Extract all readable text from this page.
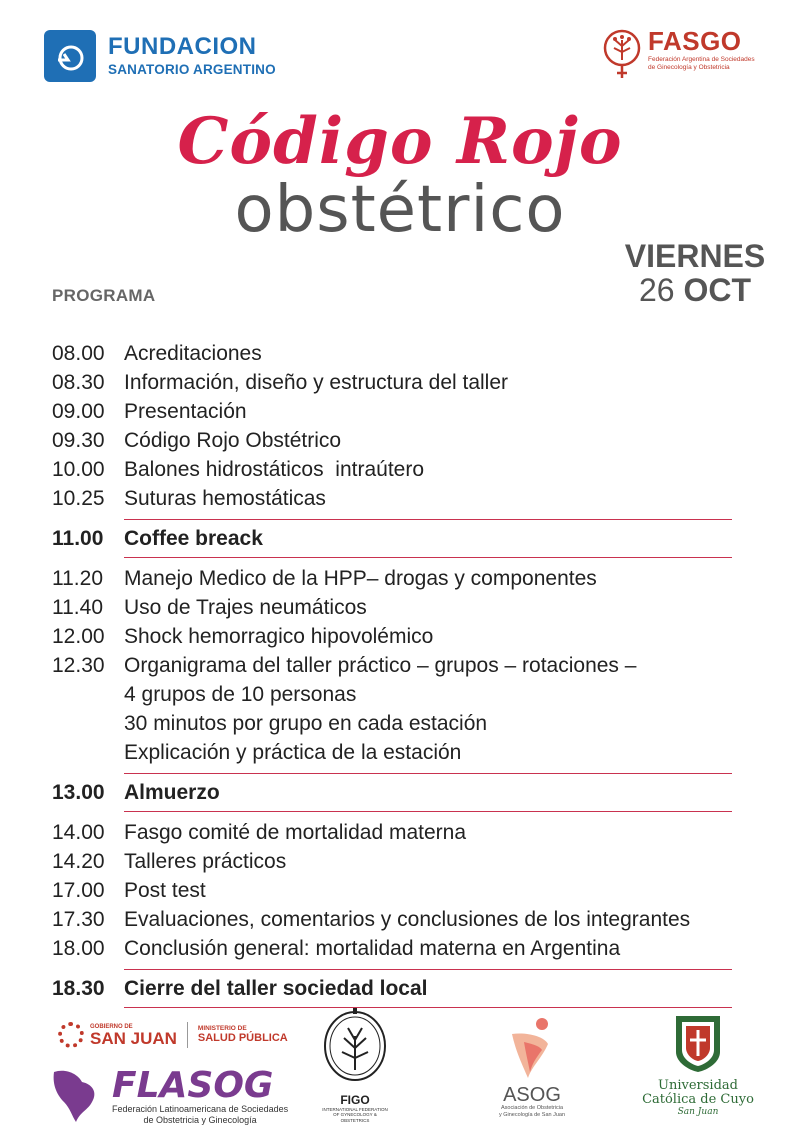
FUNDACION
SANATORIO ARGENTINO
FASGO
Federación Argentina de Sociedades de Ginecología y Obstetricia
Código Rojo
obstétrico
VIERNES
26 OCT
PROGRAMA
08.00 Acreditaciones
08.30 Información, diseño y estructura del taller
09.00 Presentación
09.30 Código Rojo Obstétrico
10.00 Balones hidrostáticos  intraútero
10.25 Suturas hemostáticas
11.00 Coffee breack
11.20	Manejo Medico de la HPP– drogas y componentes
11.40	Uso de Trajes neumáticos
12.00 Shock hemorragico hipovolémico
12.30 Organigrama del taller práctico – grupos – rotaciones –
4 grupos de 10 personas
30 minutos por grupo en cada estación
Explicación y práctica de la estación
13.00 Almuerzo
14.00 Fasgo comité de mortalidad materna
14.20 Talleres prácticos
17.00 Post test
17.30 Evaluaciones, comentarios y conclusiones de los integrantes
18.00 Conclusión general: mortalidad materna en Argentina
18.30 Cierre del taller sociedad local
GOBIERNO DE
SAN JUAN
MINISTERIO DE
SALUD PÚBLICA
FLASOG
Federación Latinoamericana de Sociedades
de Obstetricia y Ginecología
FIGO
INTERNATIONAL FEDERATION OF GYNECOLOGY & OBSTETRICS
ASOG
Asociación de Obstetricia
y Ginecología de San Juan
Universidad
Católica de Cuyo
San Juan
